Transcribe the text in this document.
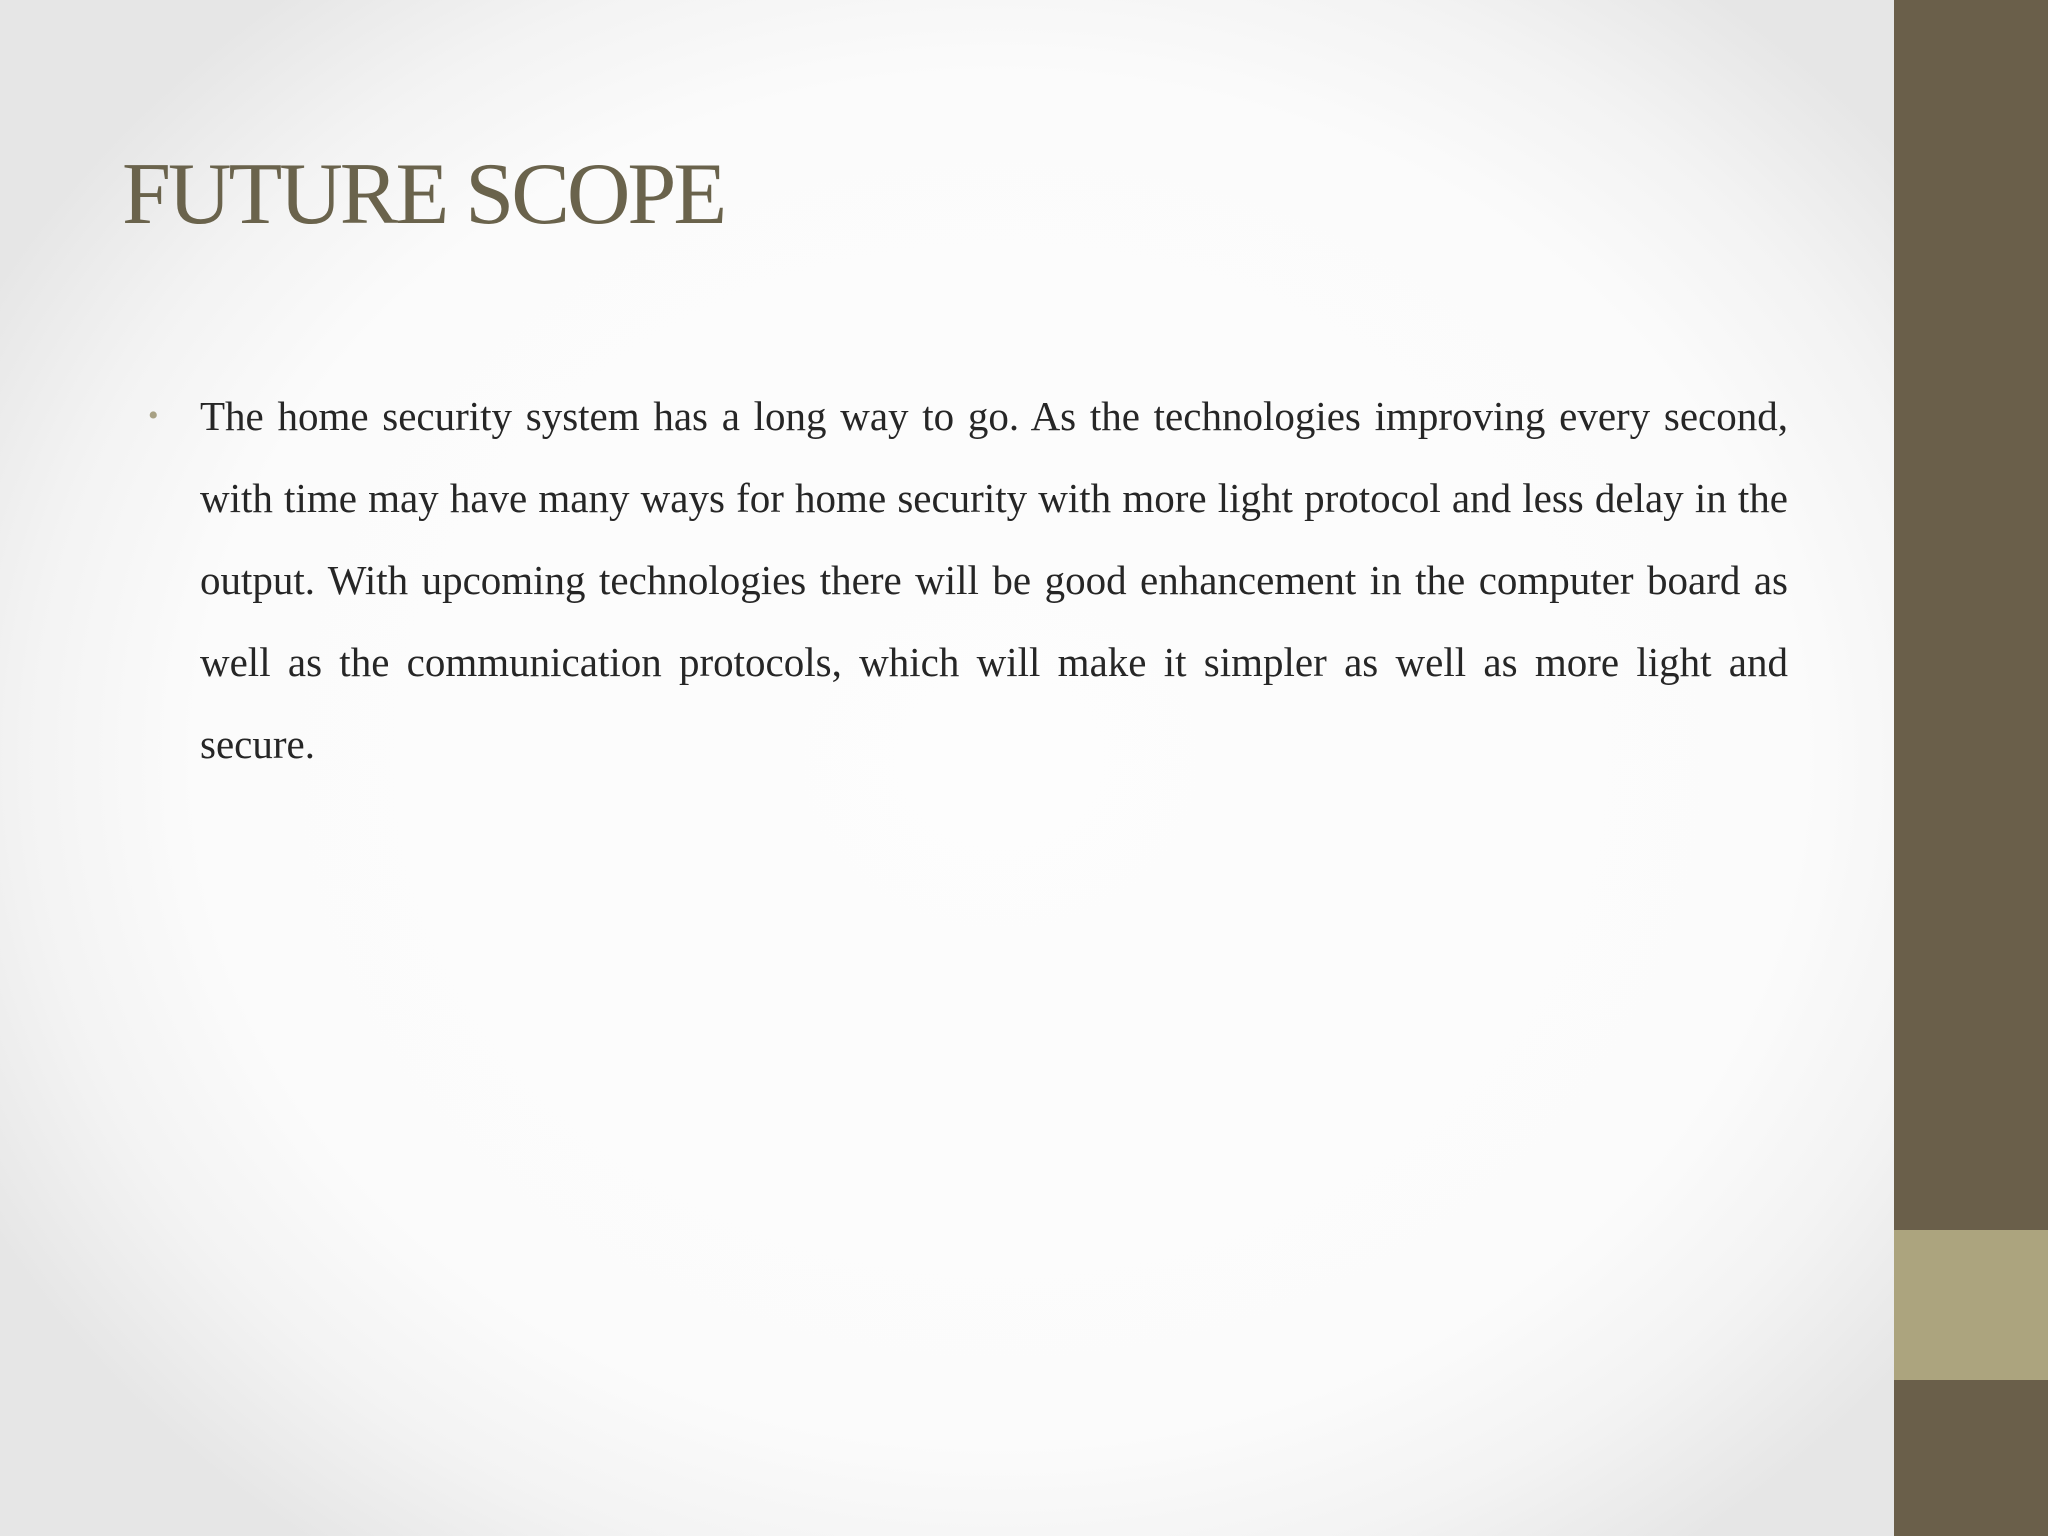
FUTURE SCOPE
• The home security system has a long way to go. As the technologies improving every second, with time may have many ways for home security with more light protocol and less delay in the output. With upcoming technologies there will be good enhancement in the computer board as well as the communication protocols, which will make it simpler as well as more light and secure.
